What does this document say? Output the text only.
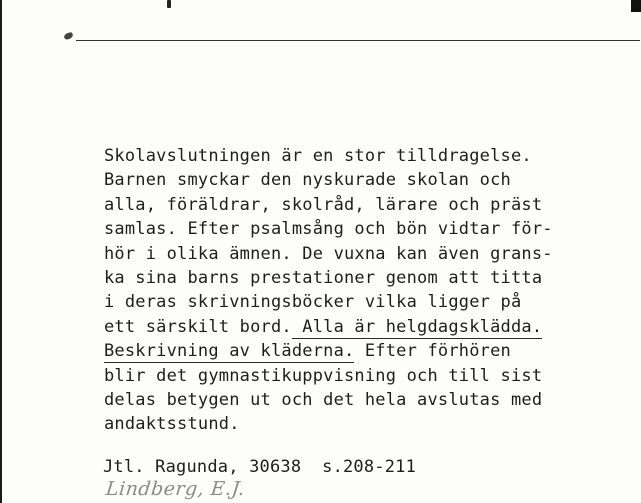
Skolavslutningen är en stor tilldragelse.
Barnen smyckar den nyskurade skolan och
alla, föräldrar, skolråd, lärare och präst
samlas. Efter psalmsång och bön vidtar för-
hör i olika ämnen. De vuxna kan även grans-
ka sina barns prestationer genom att titta
i deras skrivningsböcker vilka ligger på
ett särskilt bord. Alla är helgdagsklädda.
Beskrivning av kläderna. Efter förhören
blir det gymnastikuppvisning och till sist
delas betygen ut och det hela avslutas med
andaktsstund.
Jtl. Ragunda, 30638  s.208-211
Lindberg, E.J.
